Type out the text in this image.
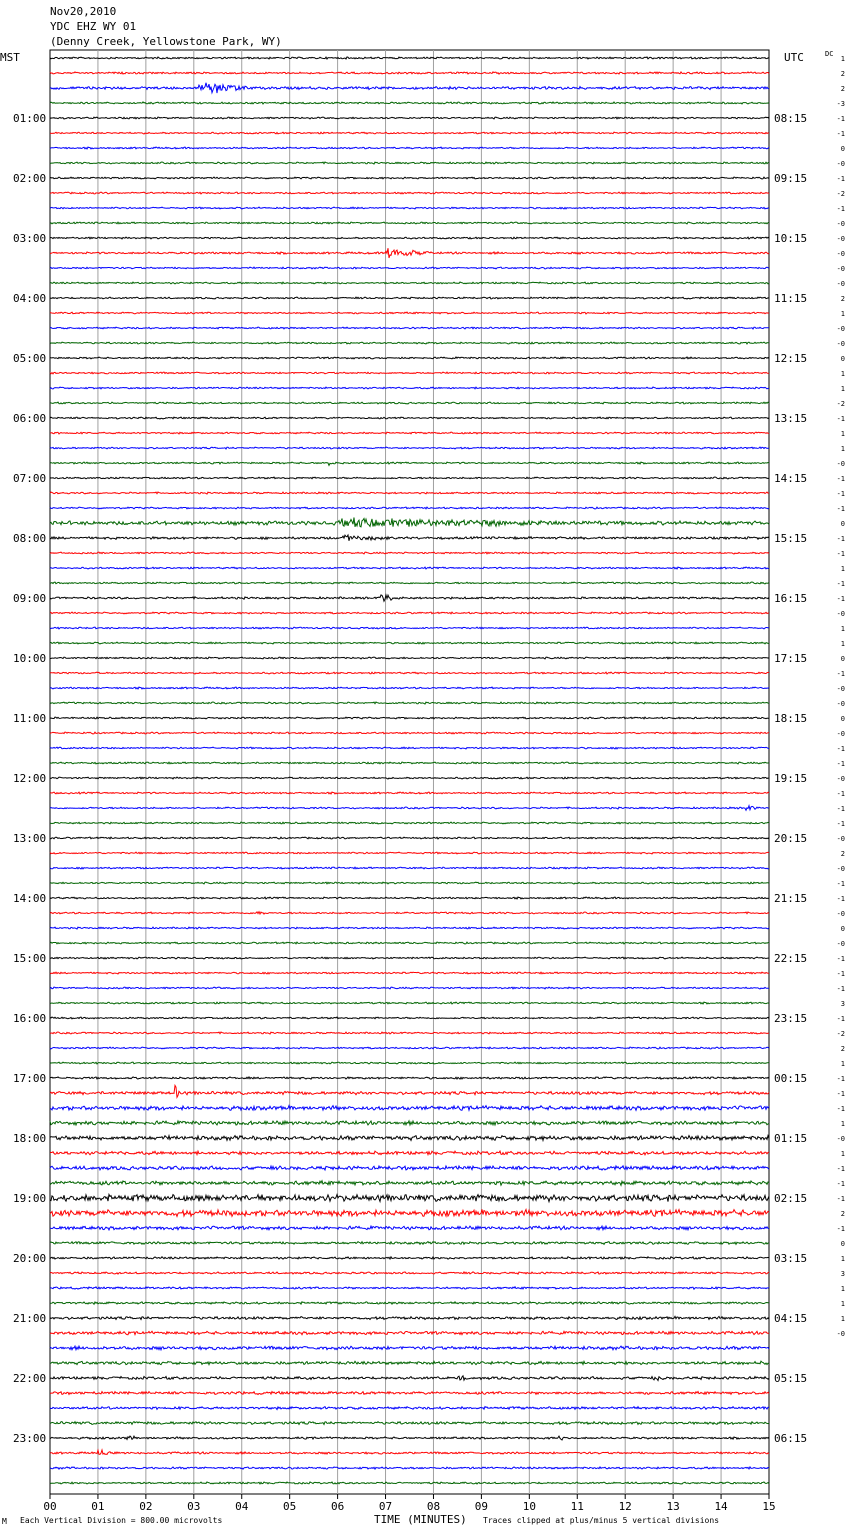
Nov20,2010
YDC EHZ WY 01
(Denny Creek, Yellowstone Park, WY)
MST	UTC	DC
01:00
02:00
03:00
04:00
05:00
06:00
07:00
08:00
09:00
10:00
11:00
12:00
13:00
14:00
15:00
16:00
17:00
18:00
19:00
20:00
21:00
22:00
23:00
08:15
09:15
10:15
11:15
12:15
13:15
14:15
15:15
16:15
17:15
18:15
19:15
20:15
21:15
22:15
23:15
00:15
01:15
02:15
03:15
04:15
05:15
06:15
1
2
2
-3
-1
-1
0
-0
-1
-2
-1
-0
-0
-0
-0
-0
2
1
-0
-0
0
1
1
-2
-1
1
1
-0
-1
-1
-1
0
-1
-1
1
-1
-1
-0
1
1
0
-1
-0
-0
0
-0
-1
-1
-0
-1
-1
-1
-0
2
-0
-1
-1
-0
0
-0
-1
-1
-1
3
-1
-2
2
1
-1
-1
-1
1
-0
1
-1
-1
-1
2
-1
0
1
3
1
1
1
-0
00	01	02	03	04	05	06	07	08	09	10	11	12	13	14	15
M Each Vertical Division = 800.00 microvolts	TIME (MINUTES) Traces clipped at plus/minus 5 vertical divisions
